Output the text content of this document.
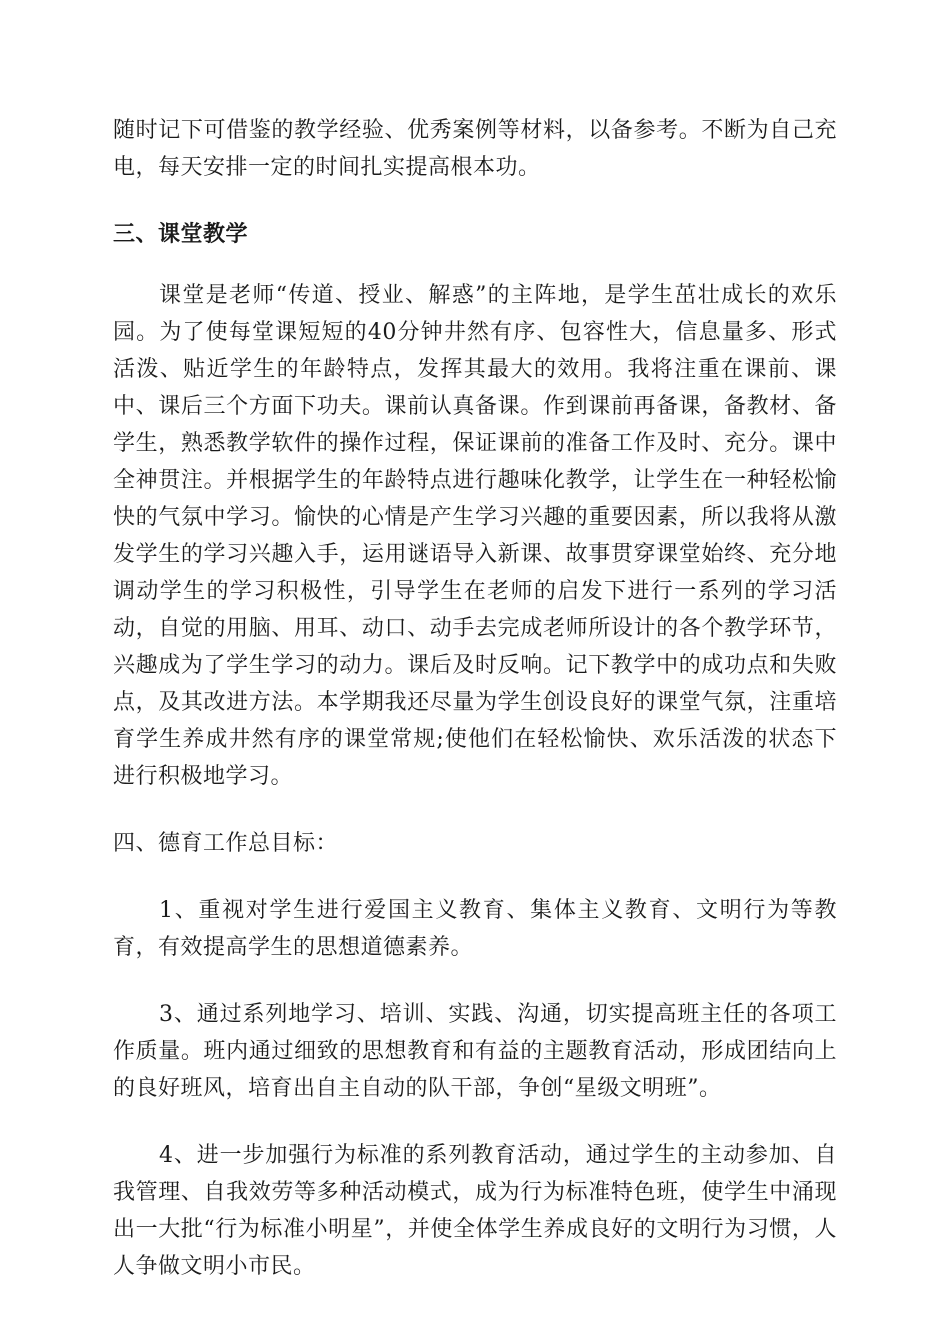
随时记下可借鉴的教学经验、优秀案例等材料，以备参考。不断为自己充电，每天安排一定的时间扎实提高根本功。

三、课堂教学

课堂是老师“传道、授业、解惑”的主阵地，是学生茁壮成长的欢乐园。为了使每堂课短短的40分钟井然有序、包容性大，信息量多、形式活泼、贴近学生的年龄特点，发挥其最大的效用。我将注重在课前、课中、课后三个方面下功夫。课前认真备课。作到课前再备课，备教材、备学生，熟悉教学软件的操作过程，保证课前的准备工作及时、充分。课中全神贯注。并根据学生的年龄特点进行趣味化教学，让学生在一种轻松愉快的气氛中学习。愉快的心情是产生学习兴趣的重要因素，所以我将从激发学生的学习兴趣入手，运用谜语导入新课、故事贯穿课堂始终、充分地调动学生的学习积极性，引导学生在老师的启发下进行一系列的学习活动，自觉的用脑、用耳、动口、动手去完成老师所设计的各个教学环节，兴趣成为了学生学习的动力。课后及时反响。记下教学中的成功点和失败点，及其改进方法。本学期我还尽量为学生创设良好的课堂气氛，注重培育学生养成井然有序的课堂常规;使他们在轻松愉快、欢乐活泼的状态下进行积极地学习。

四、德育工作总目标：

1、重视对学生进行爱国主义教育、集体主义教育、文明行为等教育，有效提高学生的思想道德素养。

3、通过系列地学习、培训、实践、沟通，切实提高班主任的各项工作质量。班内通过细致的思想教育和有益的主题教育活动，形成团结向上的良好班风，培育出自主自动的队干部，争创“星级文明班”。

4、进一步加强行为标准的系列教育活动，通过学生的主动参加、自我管理、自我效劳等多种活动模式，成为行为标准特色班，使学生中涌现出一大批“行为标准小明星”，并使全体学生养成良好的文明行为习惯，人人争做文明小市民。
